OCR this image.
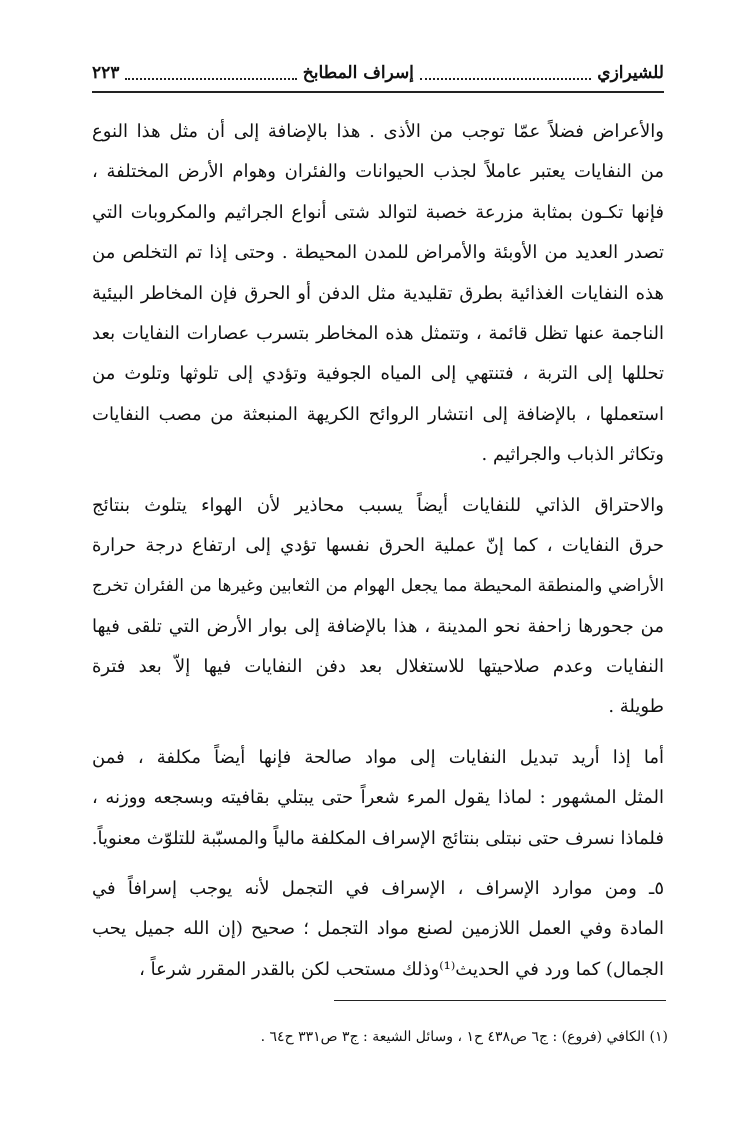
للشيرازي
إسراف المطابخ
٢٢٣
والأعراض فضلاً عمّا توجب من الأذى . هذا بالإضافة إلى أن مثل هذا النوع
من النفايات يعتبر عاملاً لجذب الحيوانات والفئران وهوام الأرض المختلفة ،
فإنها تكـون بمثابة مزرعة خصبة لتوالد شتى أنواع الجراثيم والمكروبات التي
تصدر العديد من الأوبئة والأمراض للمدن المحيطة . وحتى إذا تم التخلص من
هذه النفايات الغذائية بطرق تقليدية مثل الدفن أو الحرق فإن المخاطر البيئية
الناجمة عنها تظل قائمة ، وتتمثل هذه المخاطر بتسرب عصارات النفايات بعد
تحللها إلى التربة ، فتنتهي إلى المياه الجوفية وتؤدي إلى تلوثها وتلوث من
استعملها ، بالإضافة إلى انتشار الروائح الكريهة المنبعثة من مصب النفايات
وتكاثر الذباب والجراثيم .
والاحتراق الذاتي للنفايات أيضاً يسبب محاذير لأن الهواء يتلوث بنتائج
حرق النفايات ، كما إنّ عملية الحرق نفسها تؤدي إلى ارتفاع درجة حرارة
الأراضي والمنطقة المحيطة مما يجعل الهوام من الثعابين وغيرها من الفئران تخرج
من جحورها زاحفة نحو المدينة ، هذا بالإضافة إلى بوار الأرض التي تلقى فيها
النفايات وعدم صلاحيتها للاستغلال بعد دفن النفايات فيها إلاّ بعد فترة
طويلة .
أما إذا أريد تبديل النفايات إلى مواد صالحة فإنها أيضاً مكلفة ، فمن
المثل المشهور : لماذا يقول المرء شعراً حتى يبتلي بقافيته وبسجعه ووزنه ،
فلماذا نسرف حتى نبتلى بنتائج الإسراف المكلفة مالياً والمسبّبة للتلوّث معنوياً.
٥ـ ومن موارد الإسراف ، الإسراف في التجمل لأنه يوجب إسرافاً في
المادة وفي العمل اللازمين لصنع مواد التجمل ؛ صحيح (إن الله جميل يحب
الجمال) كما ورد في الحديث⁽¹⁾وذلك مستحب لكن بالقدر المقرر شرعاً ،
(١) الكافي (فروع) : ج٦ ص٤٣٨ ح١ ، وسائل الشيعة : ج٣ ص٣٣١ ح٦٤ .
